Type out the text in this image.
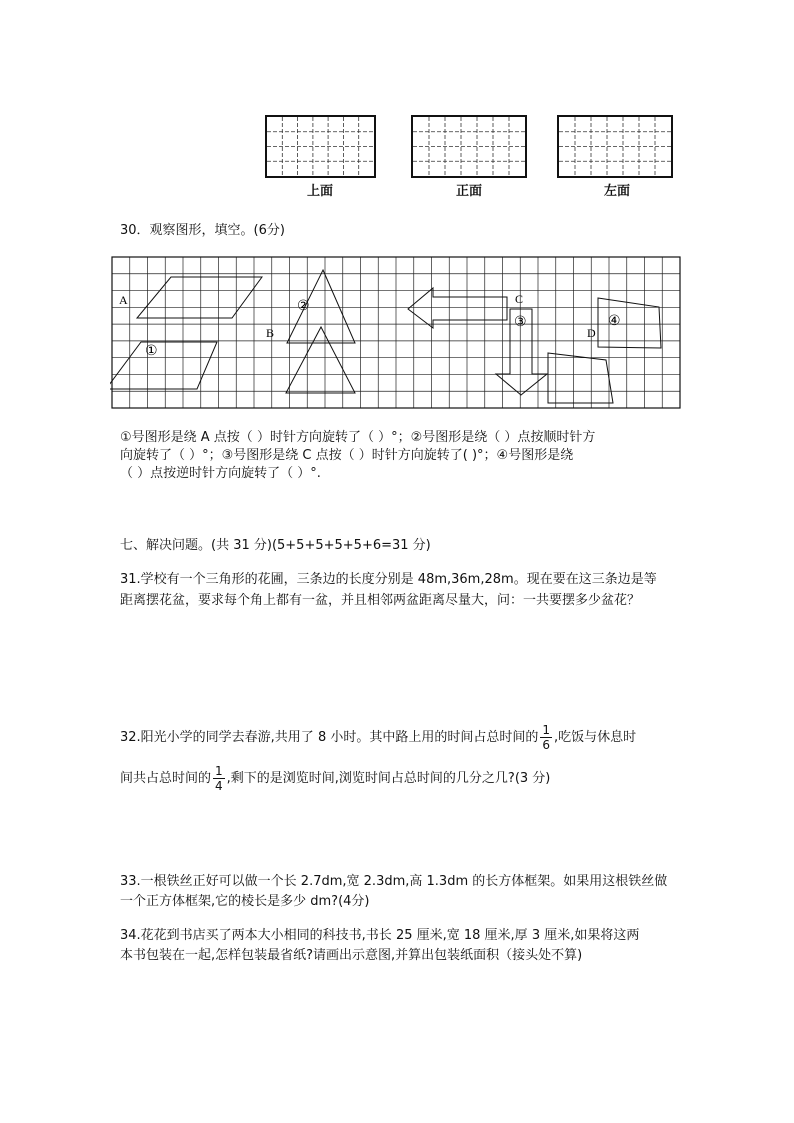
上面	正面	左面
30．观察图形，填空。(6分)
A
B
C
D
①
②
③	④
①号图形是绕 A 点按（ ）时针方向旋转了（ ）°；②号图形是绕（ ）点按顺时针方
向旋转了（ ）°；③号图形是绕 C 点按（ ）时针方向旋转了( )°；④号图形是绕
（ ）点按逆时针方向旋转了（ ）°.
七、解决问题。(共 31 分)(5+5+5+5+5+6=31 分)
31.学校有一个三角形的花圃，三条边的长度分别是 48m,36m,28m。现在要在这三条边是等
距离摆花盆，要求每个角上都有一盆，并且相邻两盆距离尽量大，问：一共要摆多少盆花？
32.阳光小学的同学去春游,共用了 8 小时。其中路上用的时间占总时间的 $\frac{1}{6}$ ,吃饭与休息时
间共占总时间的 $\frac{1}{4}$ ,剩下的是浏览时间,浏览时间占总时间的几分之几?(3 分)
33.一根铁丝正好可以做一个长 2.7dm,宽 2.3dm,高 1.3dm 的长方体框架。如果用这根铁丝做
一个正方体框架,它的棱长是多少 dm?(4分)
34.花花到书店买了两本大小相同的科技书,书长 25 厘米,宽 18 厘米,厚 3 厘米,如果将这两
本书包装在一起,怎样包装最省纸?请画出示意图,并算出包装纸面积（接头处不算)
